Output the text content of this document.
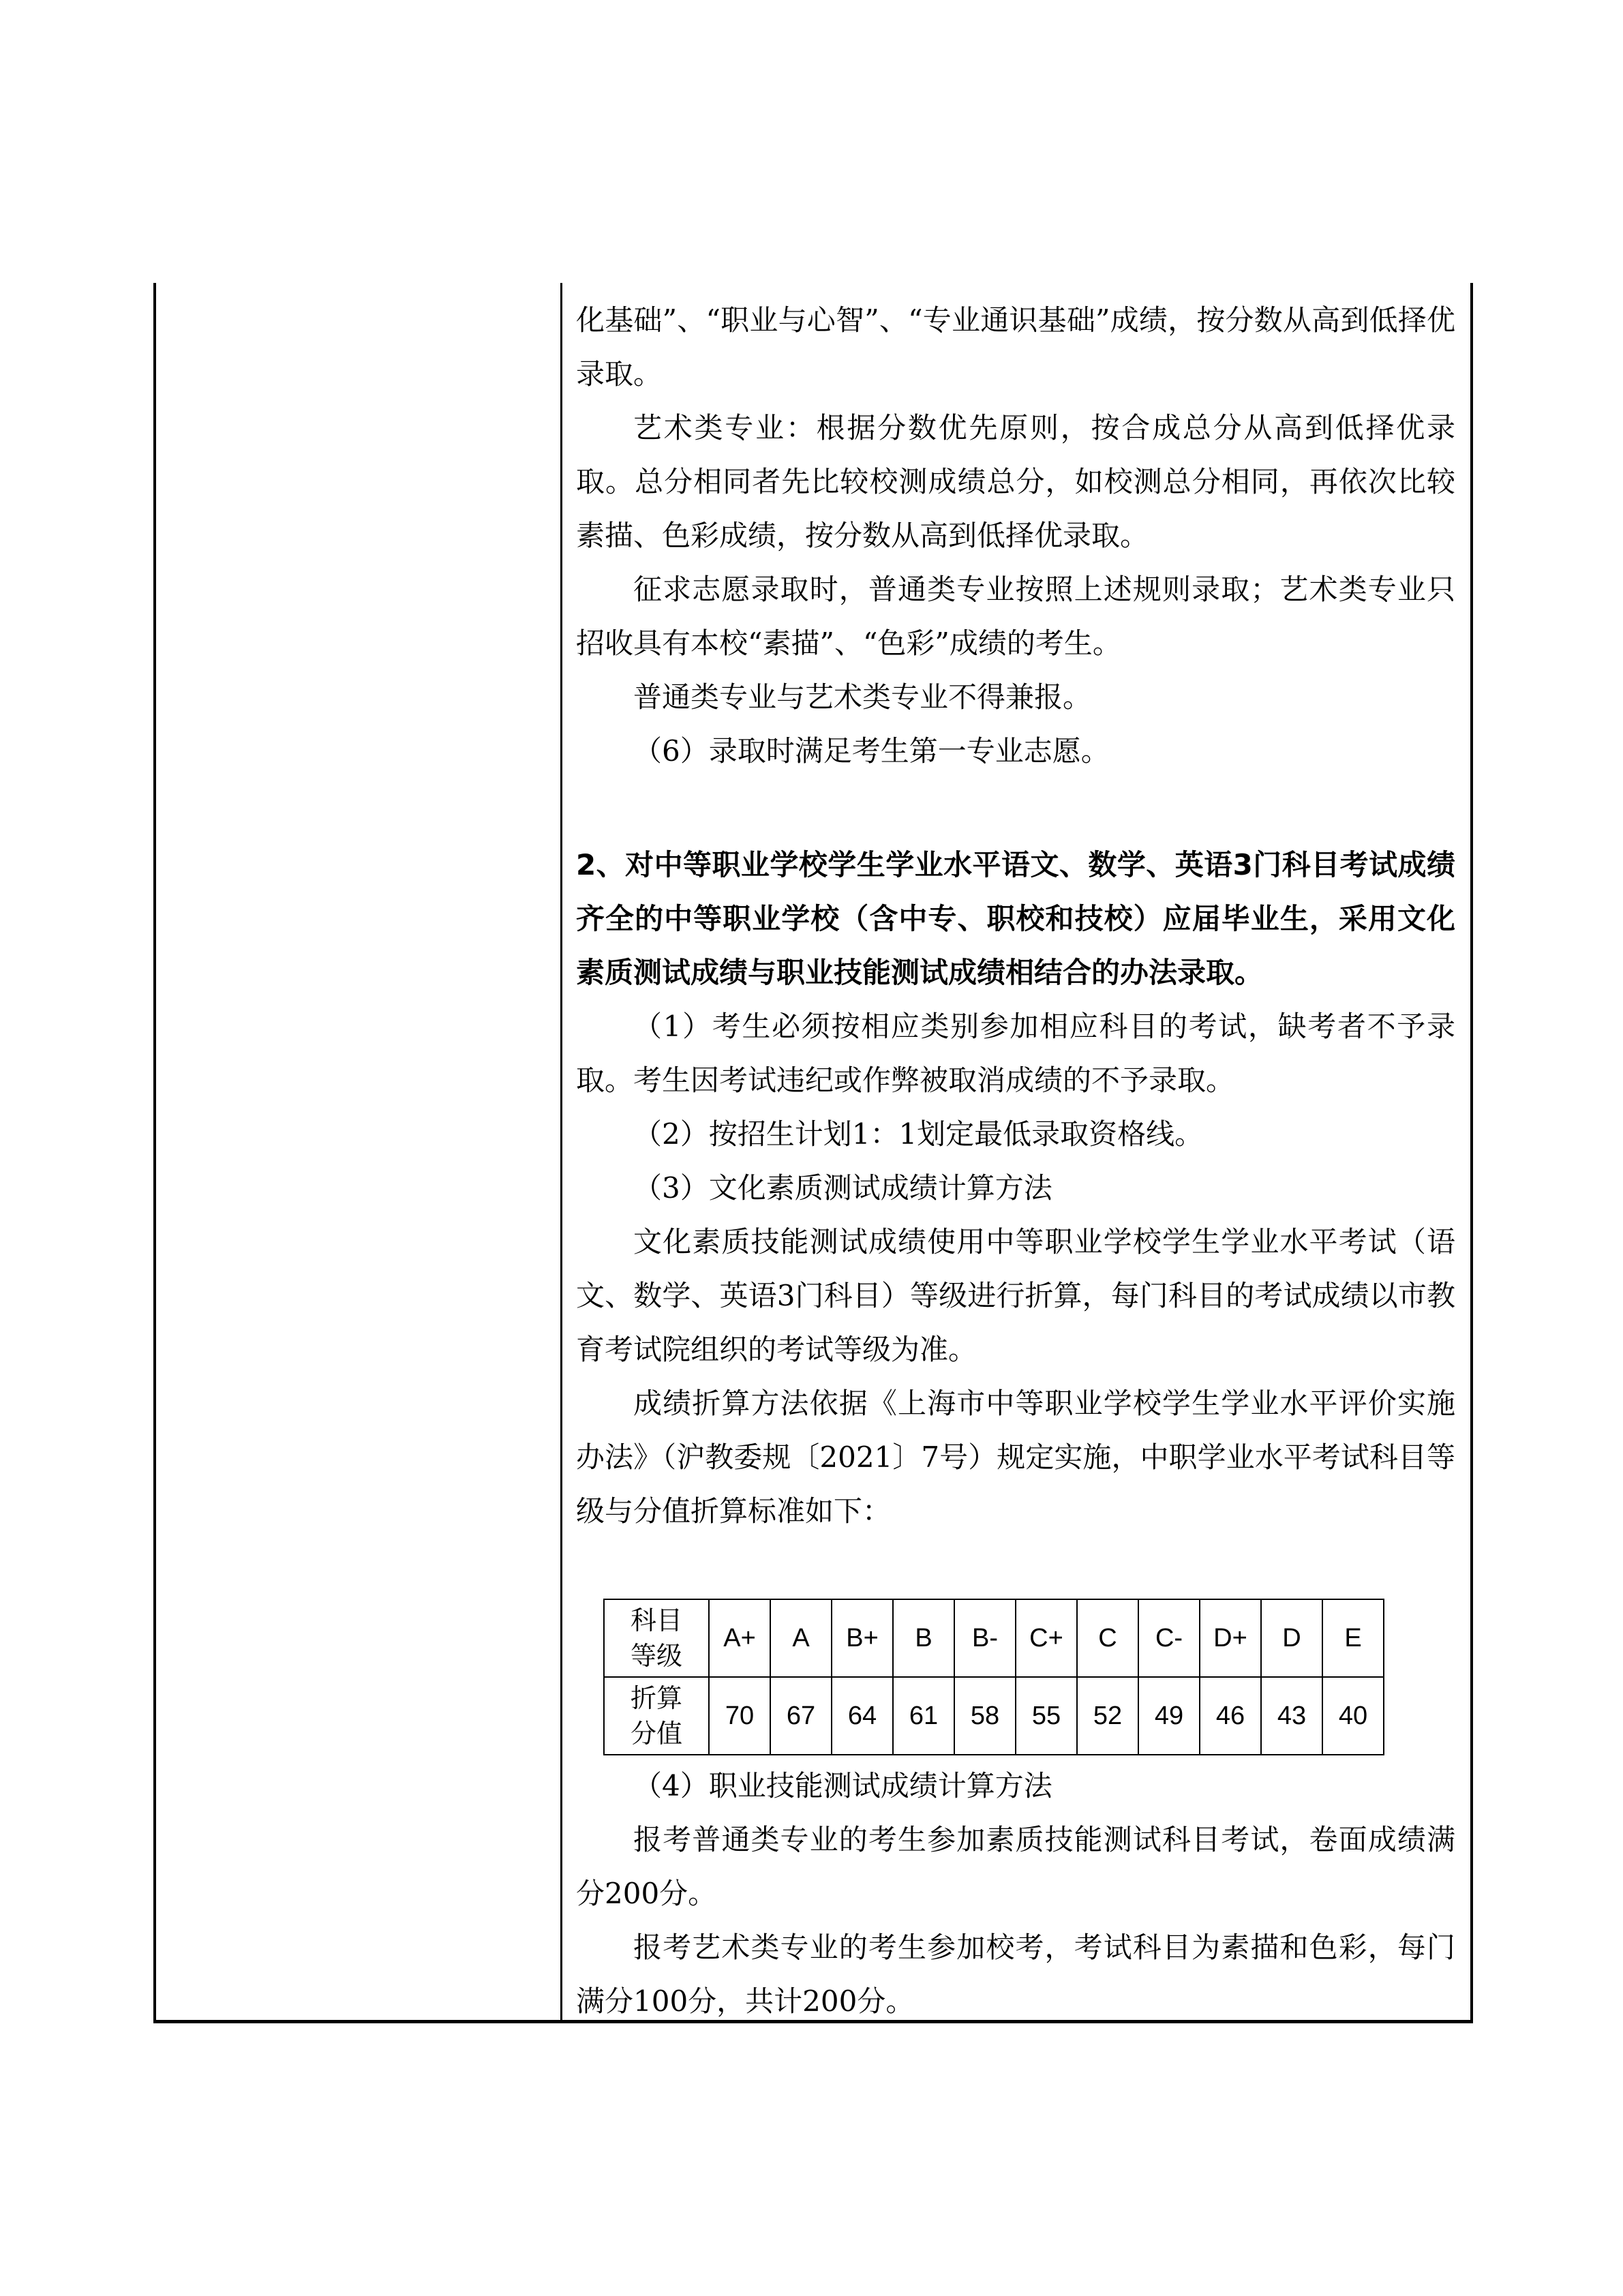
化基础”、“职业与心智”、“专业通识基础”成绩，按分数从高到低择优录取。

艺术类专业：根据分数优先原则，按合成总分从高到低择优录取。总分相同者先比较校测成绩总分，如校测总分相同，再依次比较素描、色彩成绩，按分数从高到低择优录取。

征求志愿录取时，普通类专业按照上述规则录取；艺术类专业只招收具有本校“素描”、“色彩”成绩的考生。

普通类专业与艺术类专业不得兼报。

（6）录取时满足考生第一专业志愿。

2、对中等职业学校学生学业水平语文、数学、英语3门科目考试成绩齐全的中等职业学校（含中专、职校和技校）应届毕业生，采用文化素质测试成绩与职业技能测试成绩相结合的办法录取。

（1）考生必须按相应类别参加相应科目的考试，缺考者不予录取。考生因考试违纪或作弊被取消成绩的不予录取。

（2）按招生计划1：1划定最低录取资格线。

（3）文化素质测试成绩计算方法

文化素质技能测试成绩使用中等职业学校学生学业水平考试（语文、数学、英语3门科目）等级进行折算，每门科目的考试成绩以市教育考试院组织的考试等级为准。

成绩折算方法依据《上海市中等职业学校学生学业水平评价实施办法》（沪教委规〔2021〕7号）规定实施，中职学业水平考试科目等级与分值折算标准如下：

科目
等级	A+	A	B+	B	B-	C+	C	C-	D+	D	E

折算
分值	70	67	64	61	58	55	52	49	46	43	40

（4）职业技能测试成绩计算方法

报考普通类专业的考生参加素质技能测试科目考试，卷面成绩满分200分。

报考艺术类专业的考生参加校考，考试科目为素描和色彩，每门满分100分，共计200分。
